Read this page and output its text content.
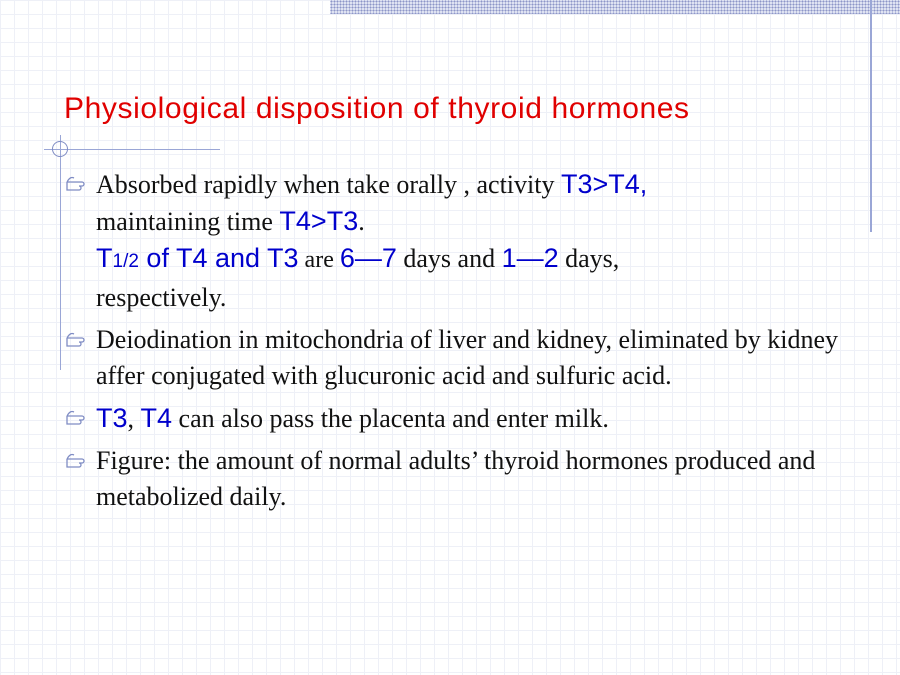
Physiological disposition of thyroid hormones
Absorbed rapidly when take orally , activity T3>T4,
maintaining time T4>T3.
T1/2 of T4 and T3 are 6—7 days and 1—2 days,
respectively.
Deiodination in mitochondria of liver and kidney, eliminated by kidney affer conjugated with glucuronic acid and sulfuric acid.
T3, T4 can also pass the placenta and enter milk.
Figure: the amount of normal adults’ thyroid hormones produced and metabolized daily.
